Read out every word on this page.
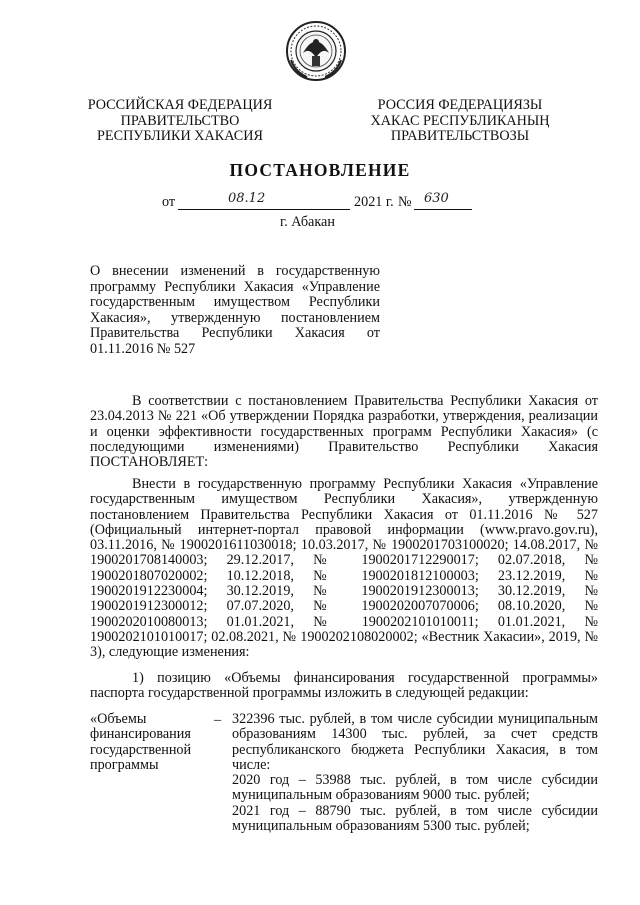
РОССИЙСКАЯ ФЕДЕРАЦИЯ
ПРАВИТЕЛЬСТВО
РЕСПУБЛИКИ ХАКАСИЯ
РОССИЯ ФЕДЕРАЦИЯЗЫ
ХАКАС РЕСПУБЛИКАНЫҢ
ПРАВИТЕЛЬСТВОЗЫ
ПОСТАНОВЛЕНИЕ
от	08.12	2021 г. № 630
г. Абакан
О внесении изменений в государственную программу Республики Хакасия «Управление государственным имуществом Республики Хакасия», утвержденную постановлением Правительства Республики Хакасия от 01.11.2016 № 527
В соответствии с постановлением Правительства Республики Хакасия от 23.04.2013 № 221 «Об утверждении Порядка разработки, утверждения, реализации и оценки эффективности государственных программ Республики Хакасия» (с последующими изменениями) Правительство Республики Хакасия ПОСТАНОВЛЯЕТ:
Внести в государственную программу Республики Хакасия «Управление государственным имуществом Республики Хакасия», утвержденную постановлением Правительства Республики Хакасия от 01.11.2016 № 527 (Официальный интернет-портал правовой информации (www.pravo.gov.ru), 03.11.2016, № 1900201611030018; 10.03.2017, № 1900201703100020; 14.08.2017, № 1900201708140003; 29.12.2017, № 1900201712290017; 02.07.2018, № 1900201807020002; 10.12.2018, № 1900201812100003; 23.12.2019, № 1900201912230004; 30.12.2019, № 1900201912300013; 30.12.2019, № 1900201912300012; 07.07.2020, № 1900202007070006; 08.10.2020, № 1900202010080013; 01.01.2021, № 1900202101010011; 01.01.2021, № 1900202101010017; 02.08.2021, № 1900202108020002; «Вестник Хакасии», 2019, № 3), следующие изменения:
1) позицию «Объемы финансирования государственной программы» паспорта государственной программы изложить в следующей редакции:
«Объемы финансирования государственной программы
– 322396 тыс. рублей, в том числе субсидии муниципальным образованиям 14300 тыс. рублей, за счет средств республиканского бюджета Республики Хакасия, в том числе:
2020 год – 53988 тыс. рублей, в том числе субсидии муниципальным образованиям 9000 тыс. рублей;
2021 год – 88790 тыс. рублей, в том числе субсидии муниципальным образованиям 5300 тыс. рублей;
